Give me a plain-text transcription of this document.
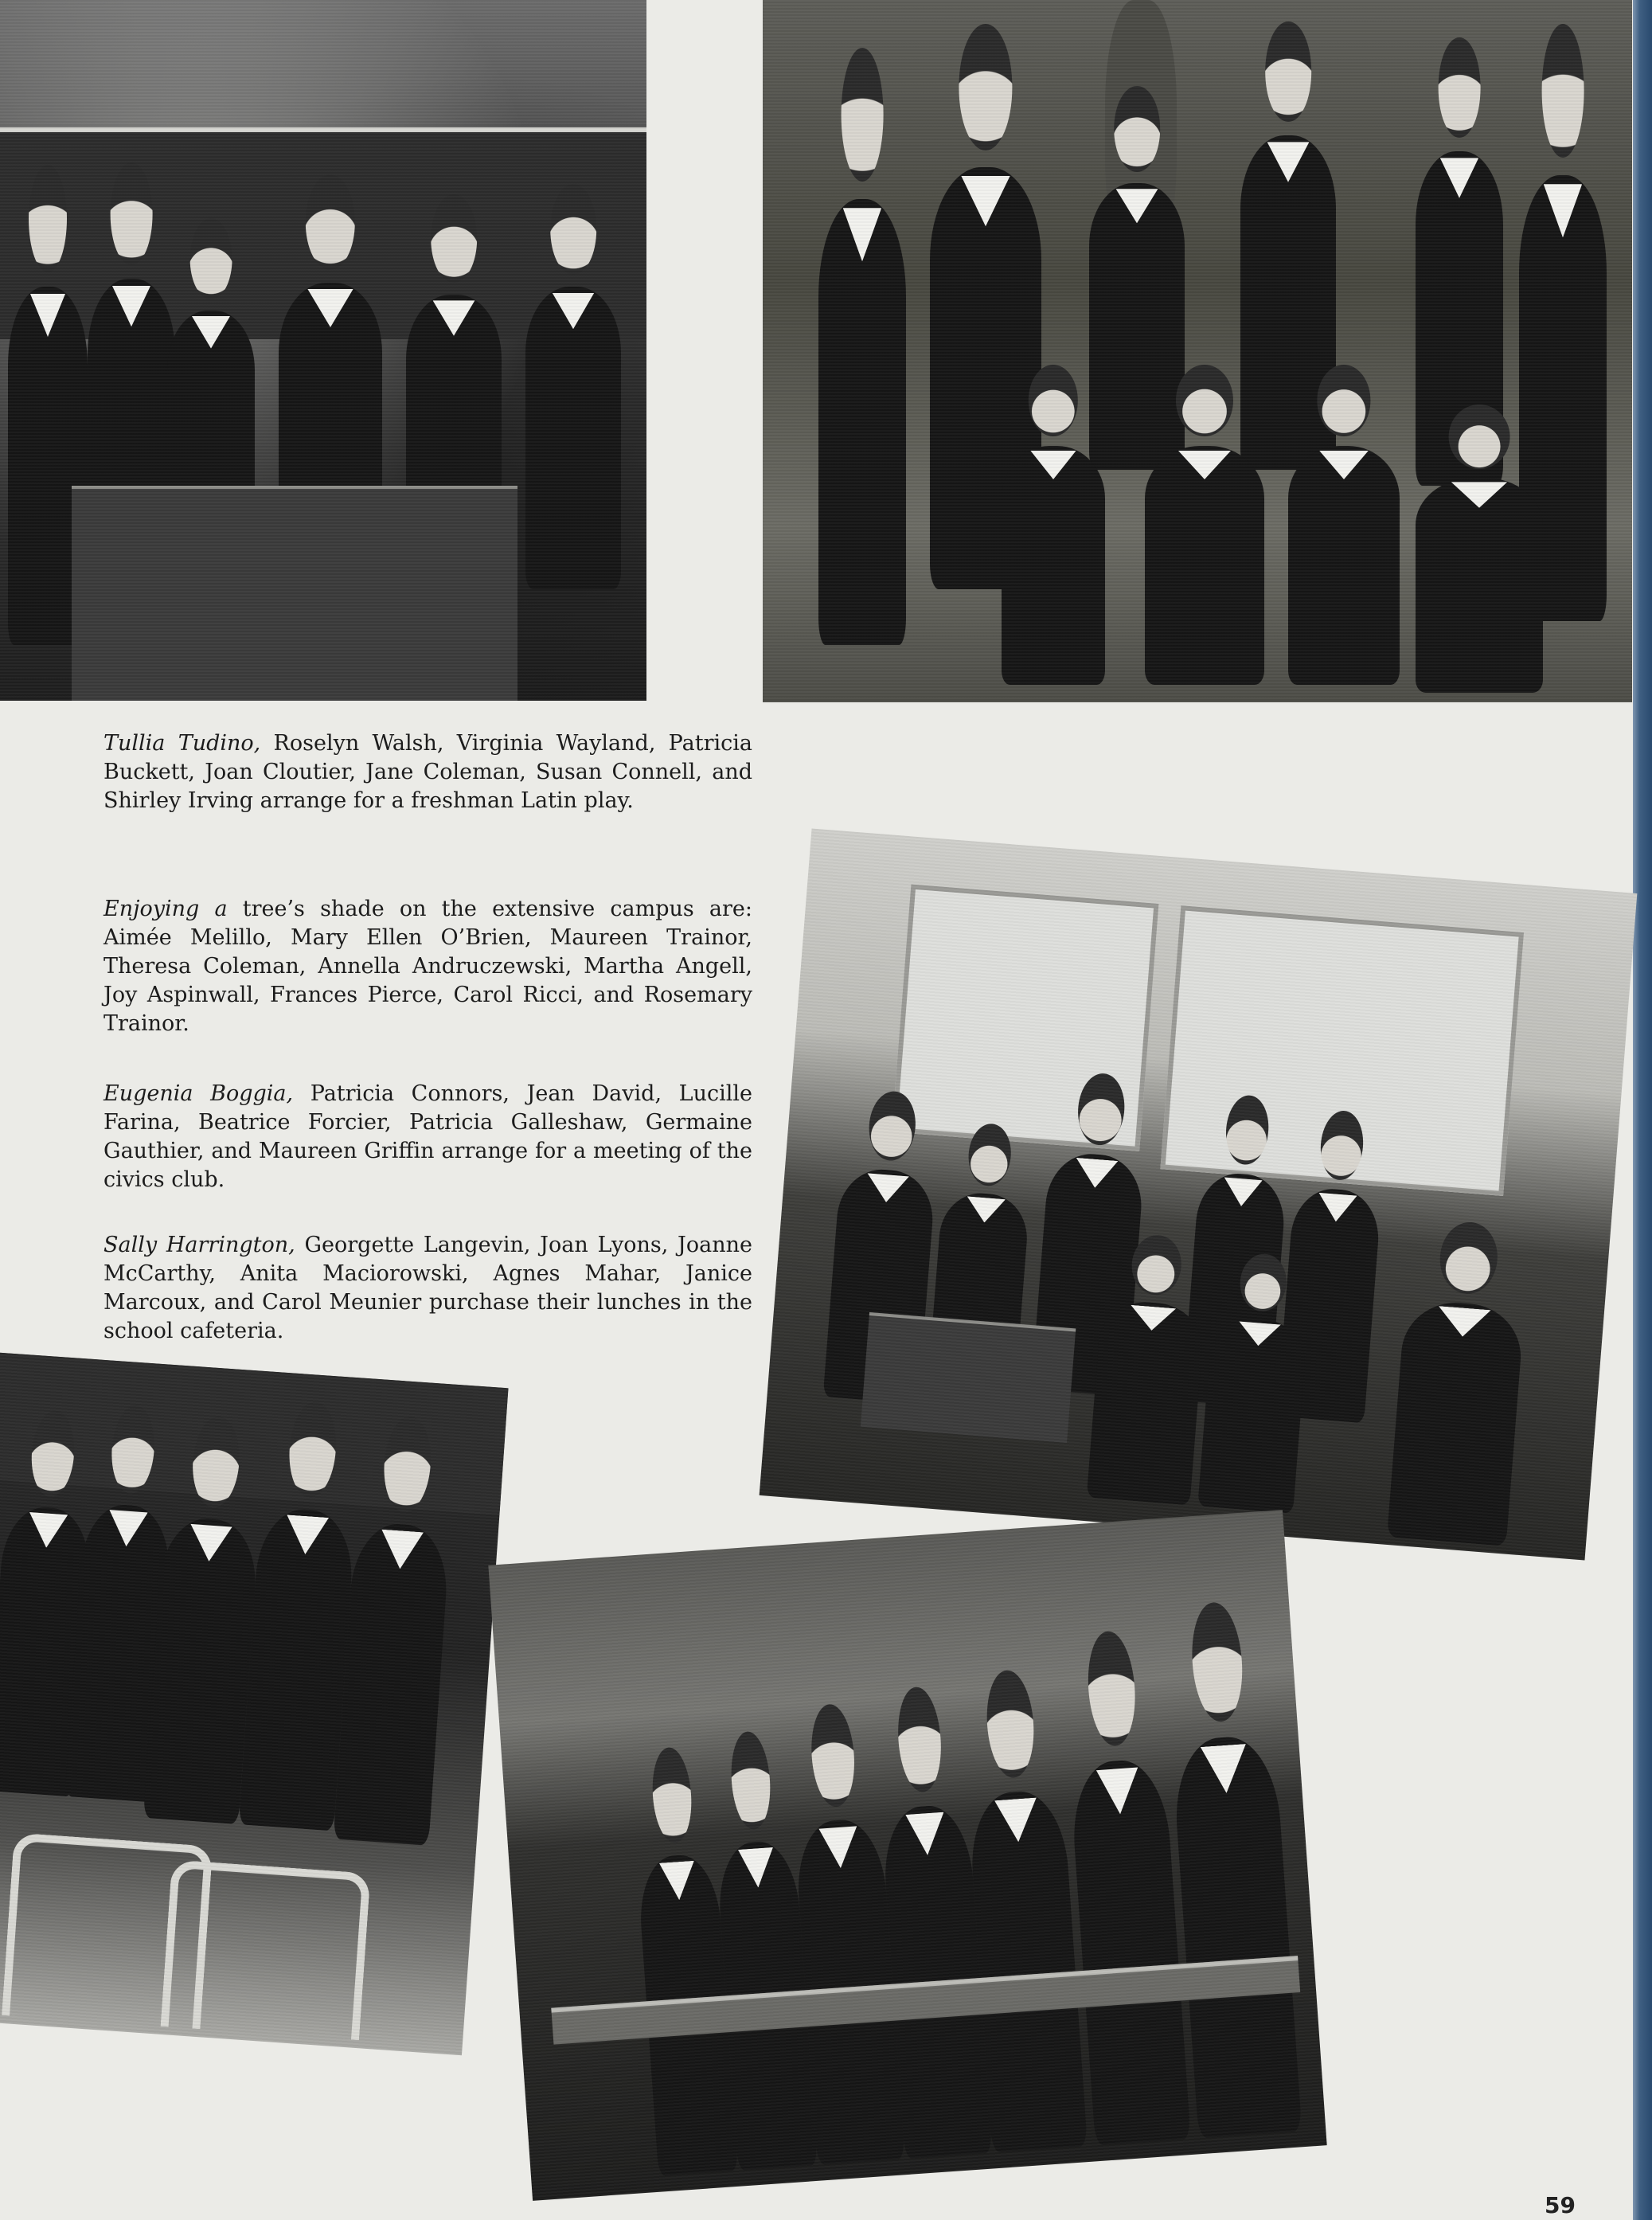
Tullia Tudino, Roselyn Walsh, Virginia Wayland, Patricia Buckett, Joan Cloutier, Jane Coleman, Susan Connell, and Shirley Irving arrange for a freshman Latin play.

Enjoying a tree’s shade on the extensive campus are: Aimée Melillo, Mary Ellen O’Brien, Maureen Trainor, Theresa Coleman, Annella Andruczewski, Martha Angell, Joy Aspinwall, Frances Pierce, Carol Ricci, and Rosemary Trainor.

Eugenia Boggia, Patricia Connors, Jean David, Lucille Farina, Beatrice Forcier, Patricia Galleshaw, Germaine Gauthier, and Maureen Griffin arrange for a meeting of the civics club.

Sally Harrington, Georgette Langevin, Joan Lyons, Joanne McCarthy, Anita Maciorowski, Agnes Mahar, Janice Marcoux, and Carol Meunier purchase their lunches in the school cafeteria.

59
